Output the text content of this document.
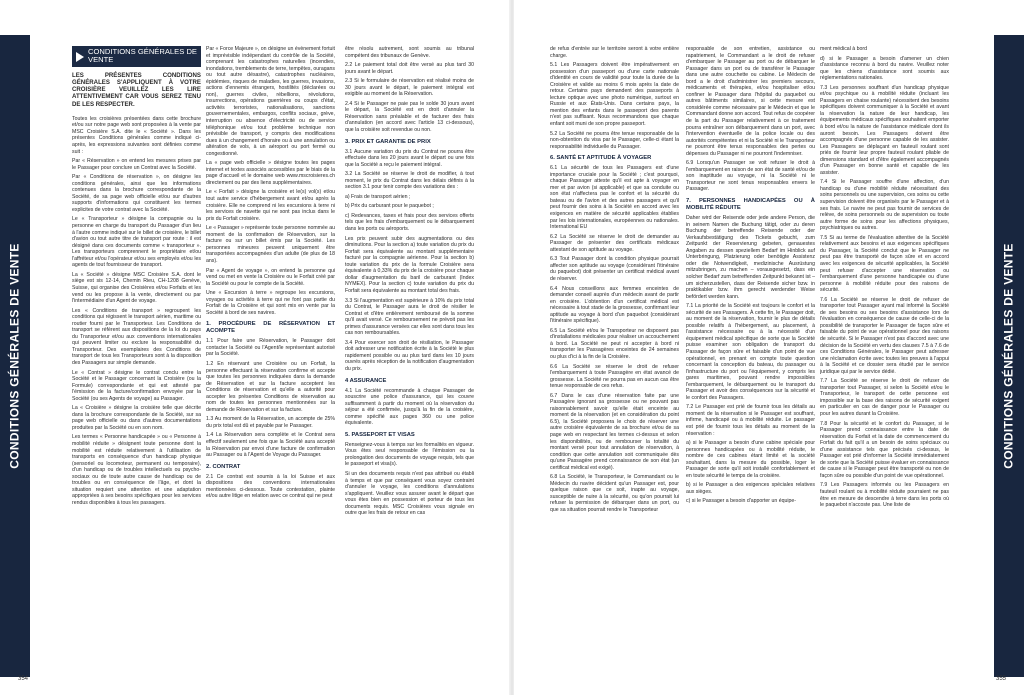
CONDITIONS GÉNÉRALES DE VENTE
CONDITIONS GÉNÉRALES DE VENTE

LES PRÉSENTES CONDITIONS GÉNÉRALES S'APPLIQUENT À VOTRE CROISIÈRE VEUILLEZ LES LIRE ATTENTIVEMENT CAR VOUS SEREZ TENU DE LES RESPECTER.

Toutes les croisières présentées dans cette brochure et/ou sur notre page web sont proposées à la vente par MSC Croisière S.A. dite le « Société ». Dans les présentes Conditions générales comme indiqué ci-après, les expressions suivantes sont définies comme suit :

Par « Réservation » on entend les mesures prises par le Passager pour conclure un Contrat avec la Société.

Par « Conditions de réservation », on désigne les conditions générales, ainsi que les informations contenues dans la brochure correspondante de la Société, de sa page web officielle et/ou sur d'autres supports d'informations qui constituent les termes explicites de votre contrat avec la Société.

Le « Transporteur » désigne la compagnie ou la personne en charge du transport du Passager d'un lieu à l'autre comme indiqué sur le billet de croisière, le billet d'avion ou tout autre titre de transport par route : il est désigné dans ces documents comme « transporteur ». Les transporteurs comprennent le propriétaire et/ou l'affréteur et/ou l'opérateur et/ou ses employés et/ou les agents de tout fournisseur de transport.

La « Société » désigne MSC Croisière S.A. dont le siège est sis 12-14, Chemin Rieu, CH-1208 Genève, Suisse, qui organise des Croisières et/ou Forfaits et les vend ou les propose à la vente, directement ou par l'intermédiaire d'un Agent de voyage.

Les « Conditions de transport » regroupent les conditions qui régissent le transport aérien, maritime ou routier fourni par le Transporteur. Les Conditions de transport se réfèrent aux dispositions de la loi du pays du Transporteur et/ou aux conventions internationales qui peuvent limiter ou exclure la responsabilité du Transporteur. Des exemplaires des Conditions de transport de tous les Transporteurs sont à la disposition des Passagers sur simple demande.

Le « Contrat » désigne le contrat conclu entre la Société et le Passager concernant la Croisière (ou la Formule) correspondante et qui est attesté par l'émission de la facture/confirmation envoyée par la Société (ou ses Agents de voyage) au Passager.

La « Croisière » désigne la croisière telle que décrite dans la brochure correspondante de la Société, sur sa page web officielle ou dans d'autres documentations produites par la Société ou en son nom.

Les termes « Personne handicapée » ou « Personne à mobilité réduite » désignent toute personne dont la mobilité est réduite relativement à l'utilisation de transports en conséquence d'un handicap physique (sensoriel ou locomoteur, permanent ou temporaire), d'un handicap ou de troubles intellectuels ou psycho-sociaux ou de toute autre cause de handicap ou de troubles ou en conséquence de l'âge, et dont la situation requiert une attention et une adaptation appropriées à ses besoins spécifiques pour les services rendus disponibles à tous les passagers.

Par « Force Majeure », on désigne un évènement fortuit et imprévisible indépendant du contrôle de la Société, comprenant les catastrophes naturelles (incendies, inondations, tremblements de terre, tempêtes, ouragans ou tout autre désastre), catastrophes nucléaires, épidémies, risques de maladies, les guerres, invasions, actions d'ennemis étrangers, hostilités (déclarées ou non), guerres civiles, rébellions, révolutions, insurrections, opérations guerrières ou coups d'état, activités terroristes, nationalisations, sanctions gouvernementales, embargos, conflits sociaux, grève, interruption ou absence d'électricité ou de service téléphonique et/ou tout problème technique non prévisible de transport, y compris des modifications dues à un changement d'horaire ou à une annulation ou altération de vols, à un aéroport ou port fermé ou congestionné.

La « page web officielle » désigne toutes les pages internet et textes associés accessibles par le biais de la page d'accueil et le domaine web www.mscroisieres.ch directement ou par des liens supplémentaires.

Le « Forfait » désigne la croisière et le(s) vol(s) et/ou tout autre service d'hébergement avant et/ou après la croisière. Elle ne comprend ni les excursions à terre ni les services de navette qui ne sont pas inclus dans le prix du Forfait croisière.

Le « Passager » représente toute personne nommée au moment de la confirmation de Réservation, sur la facture ou sur un billet émis par la Société. Les personnes mineures peuvent uniquement être transportées accompagnées d'un adulte (de plus de 18 ans).

Par « Agent de voyage », on entend la personne qui vend ou met en vente la Croisière ou le Forfait créé par la Société ou pour le compte de la Société.

Une « Excursion à terre » regroupe les excursions, voyages ou activités à terre qui ne font pas partie du Forfait de la Croisière et qui sont mis en vente par la Société à bord de ses navires.

1. PROCÉDURE DE RÉSERVATION ET ACOMPTE

1.1 Pour faire une Réservation, le Passager doit contacter la Société ou l'Agent/le représentant autorisé par la Société.

1.2 En réservant une Croisière ou un Forfait, la personne effectuant la réservation confirme et accepte que toutes les personnes indiquées dans la demande de Réservation et sur la facture acceptent les Conditions de réservation et qu'elle a autorité pour accepter les présentes Conditions de réservation au nom de toutes les personnes mentionnées sur la demande de Réservation et sur la facture.

1.3 Au moment de la Réservation, un acompte de 25% du prix total est dû et payable par le Passager.

1.4 La Réservation sera complète et le Contrat sera effectif seulement une fois que la Société aura accepté la Réservation par envoi d'une facture de confirmation au Passager ou à l'Agent de Voyage du Passager.

2. CONTRAT

2.1 Ce contrat est soumis à la loi Suisse et aux dispositions des conventions internationales mentionnées ci-dessous. Toute contestation, plainte et/ou autre litige en relation avec ce contrat qui ne peut

être résolu autrement, sont soumis au tribunal compétent des tribunaux de Genève.

2.2 Le paiement total doit être versé au plus tard 30 jours avant le départ.

2.3 Si le formulaire de réservation est réalisé moins de 30 jours avant le départ, le paiement intégral est exigible au moment de la Réservation.

2.4 Si le Passager ne paie pas le solde 30 jours avant le départ, la Société est en droit d'annuler la Réservation sans préalable et de facturer des frais d'annulation (en accord avec l'article 13 ci-dessous), que la croisière soit revendue ou non.

3. PRIX ET GARANTIE DE PRIX

3.1 Aucune variation du prix du Contrat ne pourra être effectuée dans les 20 jours avant le départ ou une fois que la Société a reçu le paiement intégral.

3.2 La Société se réserve le droit de modifier, à tout moment, le prix du Contrat dans les délais définis à la section 3.1 pour tenir compte des variations des :

a) Frais de transport aérien ;

b) Prix du carburant pour le paquebot ;

c) Redevances, taxes et frais pour des services offerts tels que les frais d'embarquement ou le débarquement dans les ports ou aéroports.

Les prix peuvent subir des augmentations ou des diminutions. Pour la section a) toute variation du prix du Forfait sera équivalente au montant supplémentaire facturé par la compagnie aérienne. Pour la section b) toute variation du prix de la formule Croisière sera équivalente à 0,33% du prix de la croisière pour chaque dollar d'augmentation du baril de carburant (Index NYMEX). Pour la section c) toute variation du prix du Forfait sera équivalente au montant total des frais.

3.3 Si l'augmentation est supérieure à 10% du prix total du Contrat, le Passager aura le droit de résilier le Contrat et d'être entièrement remboursé de la somme qu'il avait versé. Ce remboursement ne prévoit pas les primes d'assurance versées car elles sont dans tous les cas non remboursables.

3.4 Pour exercer son droit de résiliation, le Passager doit adresser une notification écrite à la Société le plus rapidement possible ou au plus tard dans les 10 jours ouvrés après réception de la notification d'augmentation du prix.

4 ASSURANCE

4.1 La Société recommande à chaque Passager de souscrire une police d'assurance, qui les couvre suffisamment à partir du moment où la réservation du séjour a été confirmée, jusqu'à la fin de la croisière, comme spécifié aux pages 360 ou une police équivalente.

5. PASSEPORT ET VISAS

Renseignez-vous à temps sur les formalités en vigueur. Vous êtes seul responsable de l'émission ou la prolongation des documents de voyage requis, tels que le passeport et visa(s).

Si un des documents requis n'est pas attribué ou établi à temps et que par conséquent vous soyez contraint d'annuler le voyage, les conditions d'annulations s'appliquent. Veuillez vous assurer avant le départ que vous êtes bien en possession et porteur de tous les documents requis. MSC Croisières vous signale en outre que les frais de retour en cas

354

de refus d'entrée sur le territoire seront à votre entière charge.

5.1 Les Passagers doivent être impérativement en possession d'un passeport ou d'une carte nationale d'identité en cours de validité pour toute la durée de la Croisière et valide au moins 6 mois après la date de retour. Certains pays demandent des passeports à lecture optique avec une photo numérique, surtout en Russie et aux États-Unis. Dans certains pays, la mention des enfants dans le passeport des parents n'est pas suffisant. Nous recommandons que chaque enfant soit muni de son propre passeport.

5.2 La Société ne pourra être tenue responsable de la non-obtention du visa par le Passager, celle-ci étant la responsabilité individuelle du Passager.

6. SANTÉ ET APTITUDE À VOYAGER

6.1 La sécurité de tous les Passagers est d'une importance cruciale pour la Société ; c'est pourquoi, chaque Passager atteste qu'il est apte à voyager en mer et par avion (si applicable) et que sa conduite ou son état n'affectera pas le confort et la sécurité du bateau ou de l'avion et des autres passagers et qu'il peut fournir des soins à la Société en accord avec les exigences en matière de sécurité applicables établies par les lois internationales, européennes ou nationales. International EU

6.2 La Société se réserve le droit de demander au Passager de présenter des certificats médicaux attestant de son aptitude au voyage.

6.3 Tout Passager dont la condition physique pourrait affecter son aptitude au voyage (considérant l'itinéraire du paquebot) doit présenter un certificat médical avant de réserver.

6.4 Nous conseillons aux femmes enceintes de demander conseil auprès d'un médecin avant de partir en croisière. L'obtention d'un certificat médical est nécessaire à tout stade de la grossesse, confirmant leur aptitude au voyage à bord d'un paquebot (considérant l'itinéraire spécifique).

6.5 La Société et/ou le Transporteur ne disposent pas d'installations médicales pour réaliser un accouchement à bord. La Société ne peut ni accepter à bord ni transporter les Passagères enceintes de 24 semaines ou plus d'ici à la fin de la Croisière.

6.6 La Société se réserve le droit de refuser l'embarquement à toute Passagère en état avancé de grossesse. La Société ne pourra pas en aucun cas être tenue responsable de ces refus.

6.7 Dans le cas d'une réservation faite par une Passagère ignorant sa grossesse ou ne pouvant pas raisonnablement savoir qu'elle était enceinte au moment de la réservation (et en considération du point 6.5), la Société proposera le choix de réserver une autre croisière équivalente de sa brochure et/ou de sa page web en respectant les termes ci-dessus et selon les disponibilités, ou de rembourser la totalité du montant versé pour tout annulation de réservation, à condition que cette annulation soit communiquée dès qu'une Passagère prend connaissance de son état (un certificat médical est exigé).

6.8 La Société, le Transporteur, le Commandant ou le Médecin du navire décident qu'un Passager est, pour quelque raison que ce soit, inapte au voyage, susceptible de nuire à la sécurité, ou qu'on pourrait lui refuser la permission de débarquer dans un port, ou que sa situation pourrait rendre le Transporteur

responsable de son entretien, assistance ou rapatriement, le Commandant a le droit de refuser d'embarquer le Passager au port ou de débarquer le Passager dans un port ou de transférer le Passager dans une autre couchette ou cabine. Le Médecin de bord a le droit d'administrer les premiers secours, médicaments et thérapies, et/ou hospitaliser et/ou confiner le Passager dans l'hôpital du paquebot ou autres bâtiments similaires, si cette mesure est considérée comme nécessaire par le Médecin et que le Commandant donne son accord. Tout refus de coopérer de la part du Passager relativement à ce traitement pourra entraîner son débarquement dans un port, avec l'intervention éventuelle de la police locale ou des autorités compétentes et ni la Société ni le Transporteur ne pourront être tenus responsables des pertes ou dépenses du Passager ni ne pourront l'indemniser.

6.9 Lorsqu'un Passager se voit refuser le droit à l'embarquement en raison de son état de santé et/ou de son inaptitude au voyage, ni la Société ni le Transporteur ne sont tenus responsables envers le Passager.

7. PERSONNES HANDICAPÉES OU À MOBILITÉ RÉDUITE

Daher wird der Reisende oder jede andere Person, die in seinem Namen die Buchung tätigt, oder zu deren Buchung der betreffende Reisende oder der Verkaufsbestätigung des Tickets gebucht, zum Zeitpunkt der Reservierung gebeten, genauestes Angaben zu dessen speziellem Bedarf im Hinblick auf Unterbringung, Platzierung oder benötigte Assistenz oder die Notwendigkeit, medizinische Ausrüstung mitzubringen, zu machen – vorausgesetzt, dass ein solcher Bedarf zum betreffenden Zeitpunkt bekannt ist – um sicherzustellen, dass der Reisende sicher bzw. in praktikabler bzw. ihm gerecht werdender Weise befördert werden kann.

7.1 La priorité de la Société est toujours le confort et la sécurité de ses Passagers. À cette fin, le Passager doit, au moment de la réservation, fournir le plus de détails possible relatifs à l'hébergement, au placement, à l'assistance nécessaire ou à la nécessité d'un équipement médical spécifique de sorte que la Société puisse examiner son obligation de transport du Passager de façon sûre et faisable d'un point de vue opérationnel, en prenant en compte toute question concernant la conception du bateau, du passager ou l'infrastructure du port ou l'équipement, y compris les gares maritimes, pouvant rendre impossibles l'embarquement, le débarquement ou le transport du Passager et avoir des conséquences sur la sécurité et le confort des Passagers.

7.2 Le Passager est prié de fournir tous les détails au moment de la réservation si le Passager est souffrant, infirme, handicapé ou à mobilité réduite. Le passager est prié de fournir tous les détails au moment de la réservation :

a) si le Passager a besoin d'une cabine spéciale pour personnes handicapées ou à mobilité réduite, le nombre de ces cabines étant limité et la société souhaitant, dans la mesure du possible, loger le Passager de sorte qu'il soit installé confortablement et en toute sécurité le temps de la croisière.

b) si le Passager a des exigences spéciales relatives aux sièges.

c) si le Passager a besoin d'apporter un équipe-

ment médical à bord

d) si le Passager a besoin d'amener un chien d'assistance reconnu à bord du navire. Veuillez noter que les chiens d'assistance sont soumis aux réglementations nationales.

7.3 Les personnes souffrant d'un handicap physique et/ou psychique ou à mobilité réduite (incluant les Passagers en chaise roulante) nécessitent des besoins spécifiques doivent communiquer à la Société et avant la réservation la nature de leur handicap, les équipements médicaux spécifiques souhaitent emporter à bord et/ou la nature de l'assistance médicale dont ils auront besoin. Les Passagers doivent être accompagnés d'une personne capable de les assister. Les Passagers se déplaçant en fauteuil roulant sont priés de fournir leur propre fauteuil roulant pliable de dimensions standard et d'être également accompagnés d'un Passager en bonne santé et capable de les assister.

7.4 Si le Passager souffre d'une affection, d'un handicap ou d'une mobilité réduite nécessitant des soins personnels ou une supervision, ces soins ou cette supervision doivent être organisés par le Passager et à ses frais. Le navire ne peut pas fournir de services de relève, de soins personnels ou de supervision ou toute autre forme de soins pour les affections physiques, psychiatriques ou autres.

7.5 Si au terme de l'évaluation attentive de la Société relativement aux besoins et aux exigences spécifiques du Passager, la Société conclut que le Passager ne peut pas être transporté de façon sûre et en accord avec les exigences de sécurité applicables, la Société peut refuser d'accepter une réservation ou l'embarquement d'une personne handicapée ou d'une personne à mobilité réduite pour des raisons de sécurité.

7.6 La Société se réserve le droit de refuser de transporter tout Passager ayant mal informé la Société de ses besoins ou ses besoins d'assistance lors de l'évaluation en conséquence de cause de celle-ci de la possibilité de transporter le Passager de façon sûre et faisable du point de vue opérationnel pour des raisons de sécurité. Si le Passager n'est pas d'accord avec une décision de la Société en vertu des clauses 7.5 à 7.6 de ces Conditions Générales, le Passager peut adresser une réclamation écrite avec toutes les preuves à l'appui à la Société et ce dossier sera étudié par le service juridique qui par le service dédié.

7.7 La Société se réserve le droit de refuser de transporter tout Passager, si selon la Société et/ou le Transporteur, le transport de cette personne est impossible sur la base des raisons de sécurité exigent en particulier en cas de danger pour le Passager ou pour les autres durant la Croisière.

7.8 Pour la sécurité et le confort du Passager, si le Passager prend connaissance entre la date de réservation du Forfait et la date de commencement du Forfait du fait qu'il a un besoin de soins spéciaux ou d'une assistance tels que précisés ci-dessus, le Passager est prié d'informer la Société immédiatement de sorte que la Société puisse évaluer en connaissance de cause si le Passager peut être transporté ou non de façon sûre ou possible d'un point de vue opérationnel.

7.9 Les Passagers informés ou les Passagers en fauteuil roulant ou à mobilité réduite pourraient ne pas être en mesure de descendre à terre dans les ports où le paquebot n'accoste pas. Une liste de

CONDITIONS GÉNÉRALES DE VENTE
355
